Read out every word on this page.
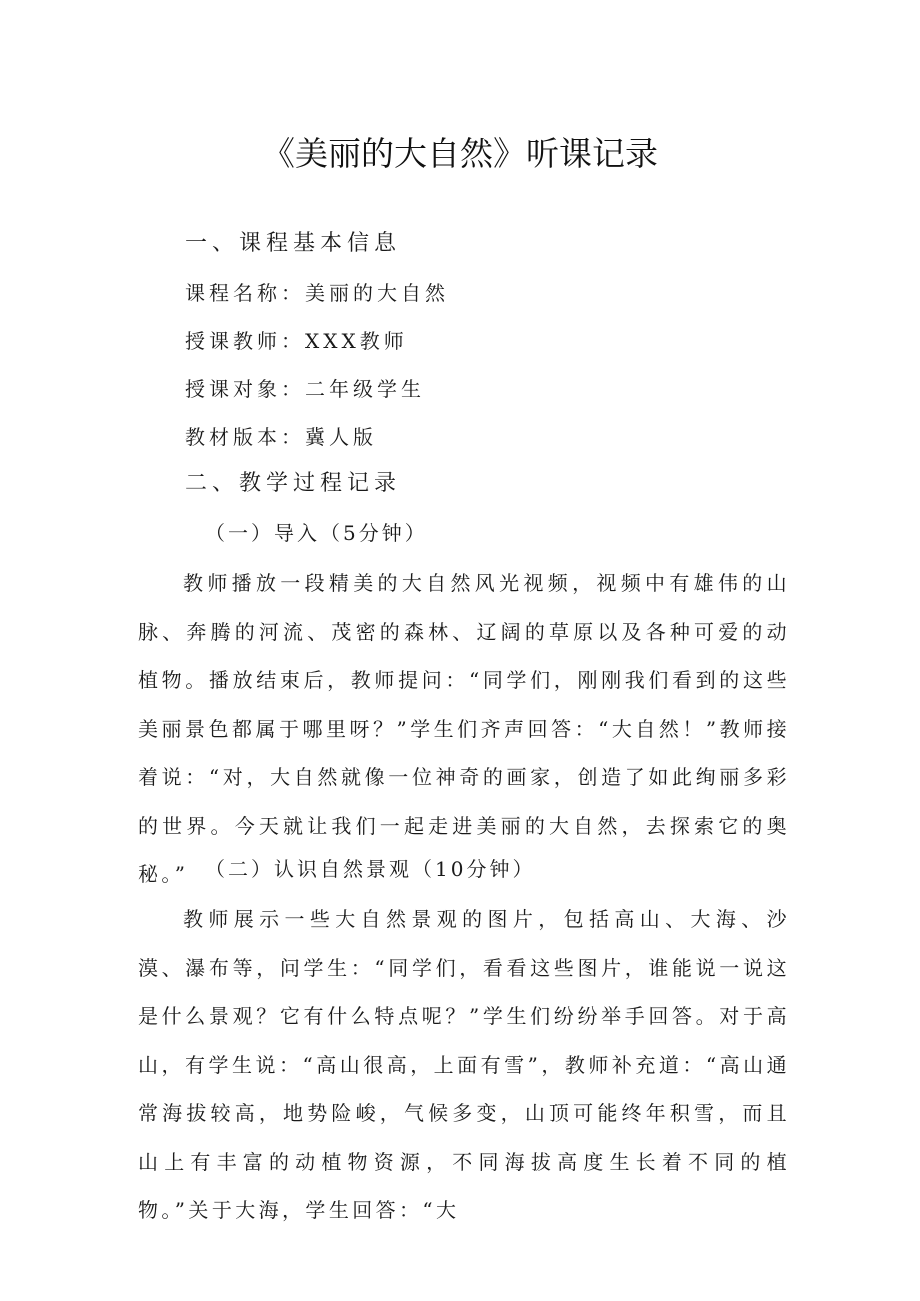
《美丽的大自然》听课记录
一、课程基本信息
课程名称：美丽的大自然
授课教师：XXX教师
授课对象：二年级学生
教材版本：冀人版
二、教学过程记录
（一）导入（5分钟）
教师播放一段精美的大自然风光视频，视频中有雄伟的山脉、奔腾的河流、茂密的森林、辽阔的草原以及各种可爱的动植物。播放结束后，教师提问：“同学们，刚刚我们看到的这些美丽景色都属于哪里呀？”学生们齐声回答：“大自然！”教师接着说：“对，大自然就像一位神奇的画家，创造了如此绚丽多彩的世界。今天就让我们一起走进美丽的大自然，去探索它的奥秘。” （二）认识自然景观（10分钟）
教师展示一些大自然景观的图片，包括高山、大海、沙漠、瀑布等，问学生：“同学们，看看这些图片，谁能说一说这是什么景观？它有什么特点呢？”学生们纷纷举手回答。对于高山，有学生说：“高山很高，上面有雪”，教师补充道：“高山通常海拔较高，地势险峻，气候多变，山顶可能终年积雪，而且山上有丰富的动植物资源，不同海拔高度生长着不同的植物。”关于大海，学生回答：“大
